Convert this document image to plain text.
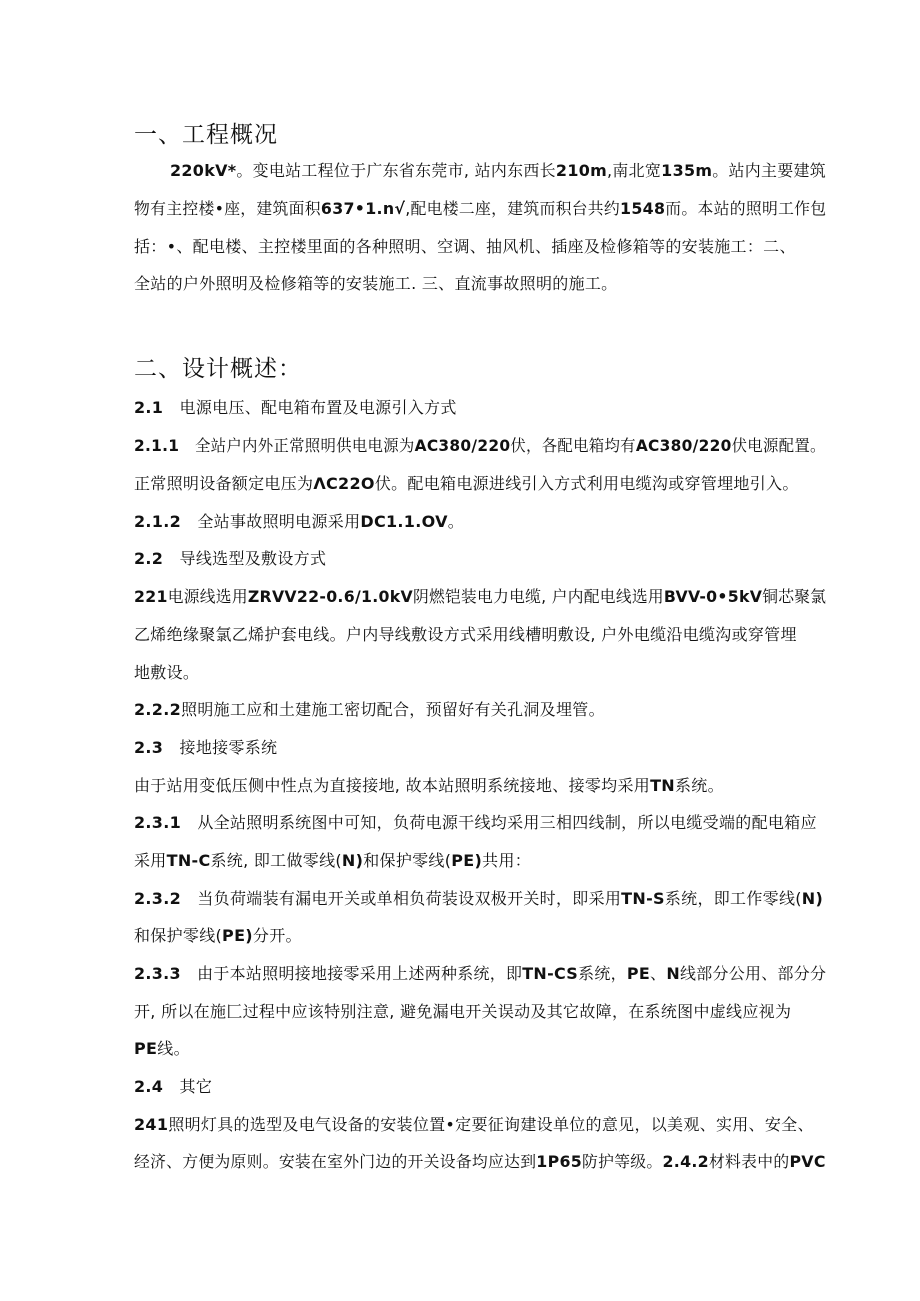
一、工程概况
220kV*。变电站工程位于广东省东莞市, 站内东西长210m,南北宽135m。站内主要建筑
物有主控楼•座，建筑面积637•1.n√,配电楼二座，建筑而积台共约1548而。本站的照明工作包
括：•、配电楼、主控楼里面的各种照明、空调、抽风机、插座及检修箱等的安装施工：二、
全站的户外照明及检修箱等的安装施工. 三、直流事故照明的施工。
二、设计概述：
2.1　电源电压、配电箱布置及电源引入方式
2.1.1　全站户内外正常照明供电电源为AC380/220伏，各配电箱均有AC380/220伏电源配置。
正常照明设备额定电压为ΛC22O伏。配电箱电源进线引入方式利用电缆沟或穿管埋地引入。
2.1.2　全站事故照明电源采用DC1.1.OV。
2.2　导线选型及敷设方式
221电源线选用ZRVV22-0.6/1.0kV阴燃铠装电力电缆, 户内配电线选用BVV-0•5kV铜芯聚氯
乙烯绝缘聚氯乙烯护套电线。户内导线敷设方式采用线槽明敷设, 户外电缆沿电缆沟或穿管埋
地敷设。
2.2.2照明施工应和土建施工密切配合，预留好有关孔洞及埋管。
2.3　接地接零系统
由于站用变低压侧中性点为直接接地, 故本站照明系统接地、接零均采用TN系统。
2.3.1　从全站照明系统图中可知，负荷电源干线均采用三相四线制，所以电缆受端的配电箱应
采用TN-C系统, 即工做零线(N)和保护零线(PE)共用：
2.3.2　当负荷端装有漏电开关或单相负荷装设双极开关时，即采用TN-S系统，即工作零线(N)
和保护零线(PE)分开。
2.3.3　由于本站照明接地接零采用上述两种系统，即TN-CS系统，PE、N线部分公用、部分分
开, 所以在施匚过程中应该特别注意, 避免漏电开关误动及其它故障，在系统图中虚线应视为
PE线。
2.4　其它
241照明灯具的选型及电气设备的安装位置•定要征询建设单位的意见，以美观、实用、安全、
经济、方便为原则。安装在室外门边的开关设备均应达到1P65防护等级。2.4.2材料表中的PVC
